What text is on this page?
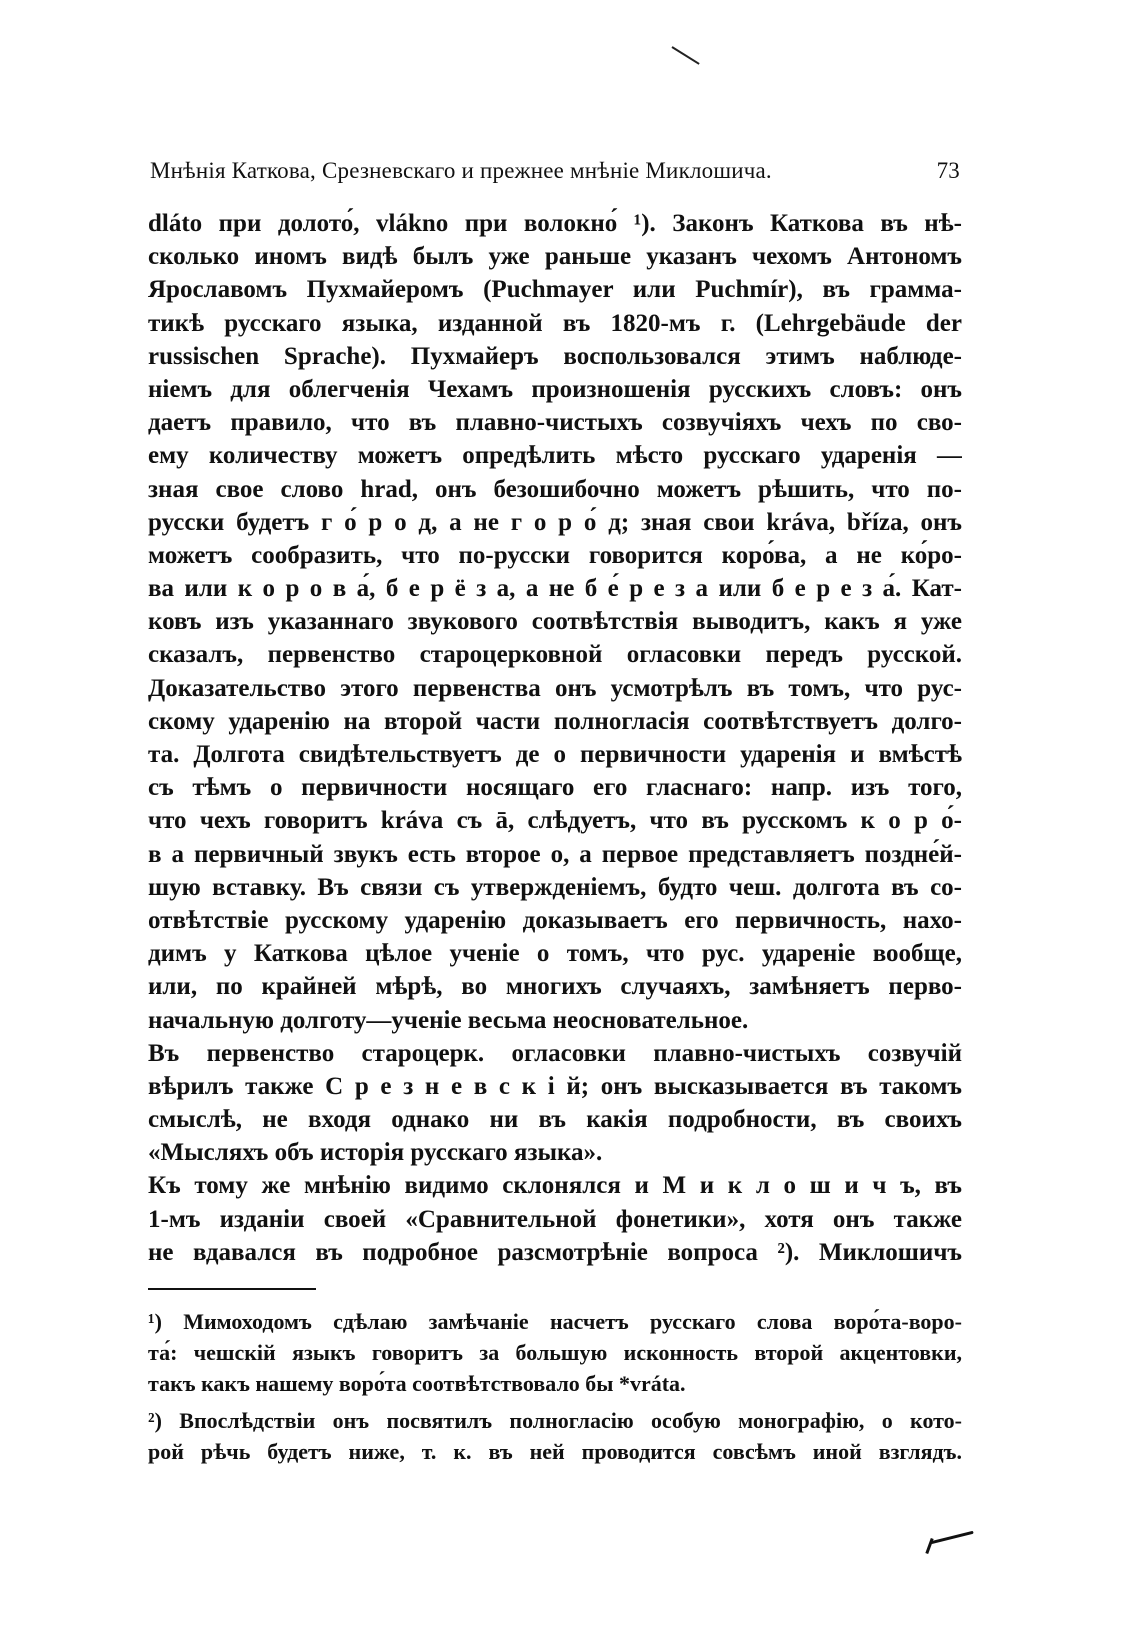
Мнѣнія Каткова, Срезневскаго и прежнее мнѣніе Миклошича.	73
dláto при долото́, vlákno при волокно́ ¹). Законъ Каткова въ нѣ-
сколько иномъ видѣ былъ уже раньше указанъ чехомъ Антономъ
Ярославомъ Пухмайеромъ (Puchmayer или Puchmír), въ грамма-
тикѣ русскаго языка, изданной въ 1820-мъ г. (Lehrgebäude der
russischen Sprache). Пухмайеръ воспользовался этимъ наблюде-
ніемъ для облегченія Чехамъ произношенія русскихъ словъ: онъ
даетъ правило, что въ плавно-чистыхъ созвучіяхъ чехъ по сво-
ему количеству можетъ опредѣлить мѣсто русскаго ударенія —
зная свое слово hrad, онъ безошибочно можетъ рѣшить, что по-
русски будетъ г о́ р о д, а не г о р о́ д; зная свои kráva, bříza, онъ
можетъ сообразить, что по-русски говорится коро́ва, а не ко́ро-
ва или к о р о в а́, б е р ё з а, а не б е́ р е з а или б е р е з а́. Кат-
ковъ изъ указаннаго звукового соотвѣтствія выводитъ, какъ я уже
сказалъ, первенство староцерковной огласовки передъ русской.
Доказательство этого первенства онъ усмотрѣлъ въ томъ, что рус-
скому ударенію на второй части полногласія соотвѣтствуетъ долго-
та. Долгота свидѣтельствуетъ де о первичности ударенія и вмѣстѣ
съ тѣмъ о первичности носящаго его гласнаго: напр. изъ того,
что чехъ говоритъ kráva съ ā, слѣдуетъ, что въ русскомъ к о р о́-
в а первичный звукъ есть второе о, а первое представляетъ поздне́й-
шую вставку. Въ связи съ утвержденіемъ, будто чеш. долгота въ со-
отвѣтствіе русскому ударенію доказываетъ его первичность, нахо-
димъ у Каткова цѣлое ученіе о томъ, что рус. удареніе вообще,
или, по крайней мѣрѣ, во многихъ случаяхъ, замѣняетъ перво-
начальную долготу—ученіе весьма неосновательное.
Въ первенство староцерк. огласовки плавно-чистыхъ созвучій
вѣрилъ также С р е з н е в с к і й; онъ высказывается въ такомъ
смыслѣ, не входя однако ни въ какія подробности, въ своихъ
«Мысляхъ объ исторія русскаго языка».
Къ тому же мнѣнію видимо склонялся и М и к л о ш и ч ъ, въ
1-мъ изданіи своей «Сравнительной фонетики», хотя онъ также
не вдавался въ подробное разсмотрѣніе вопроса ²). Миклошичъ
¹) Мимоходомъ сдѣлаю замѣчаніе насчетъ русскаго слова воро́та-воро-
та́: чешскій языкъ говоритъ за большую исконность второй акцентовки,
такъ какъ нашему воро́та соотвѣтствовало бы *vráta.
²) Впослѣдствіи онъ посвятилъ полногласію особую монографію, о кото-
рой рѣчь будетъ ниже, т. к. въ ней проводится совсѣмъ иной взглядъ.
